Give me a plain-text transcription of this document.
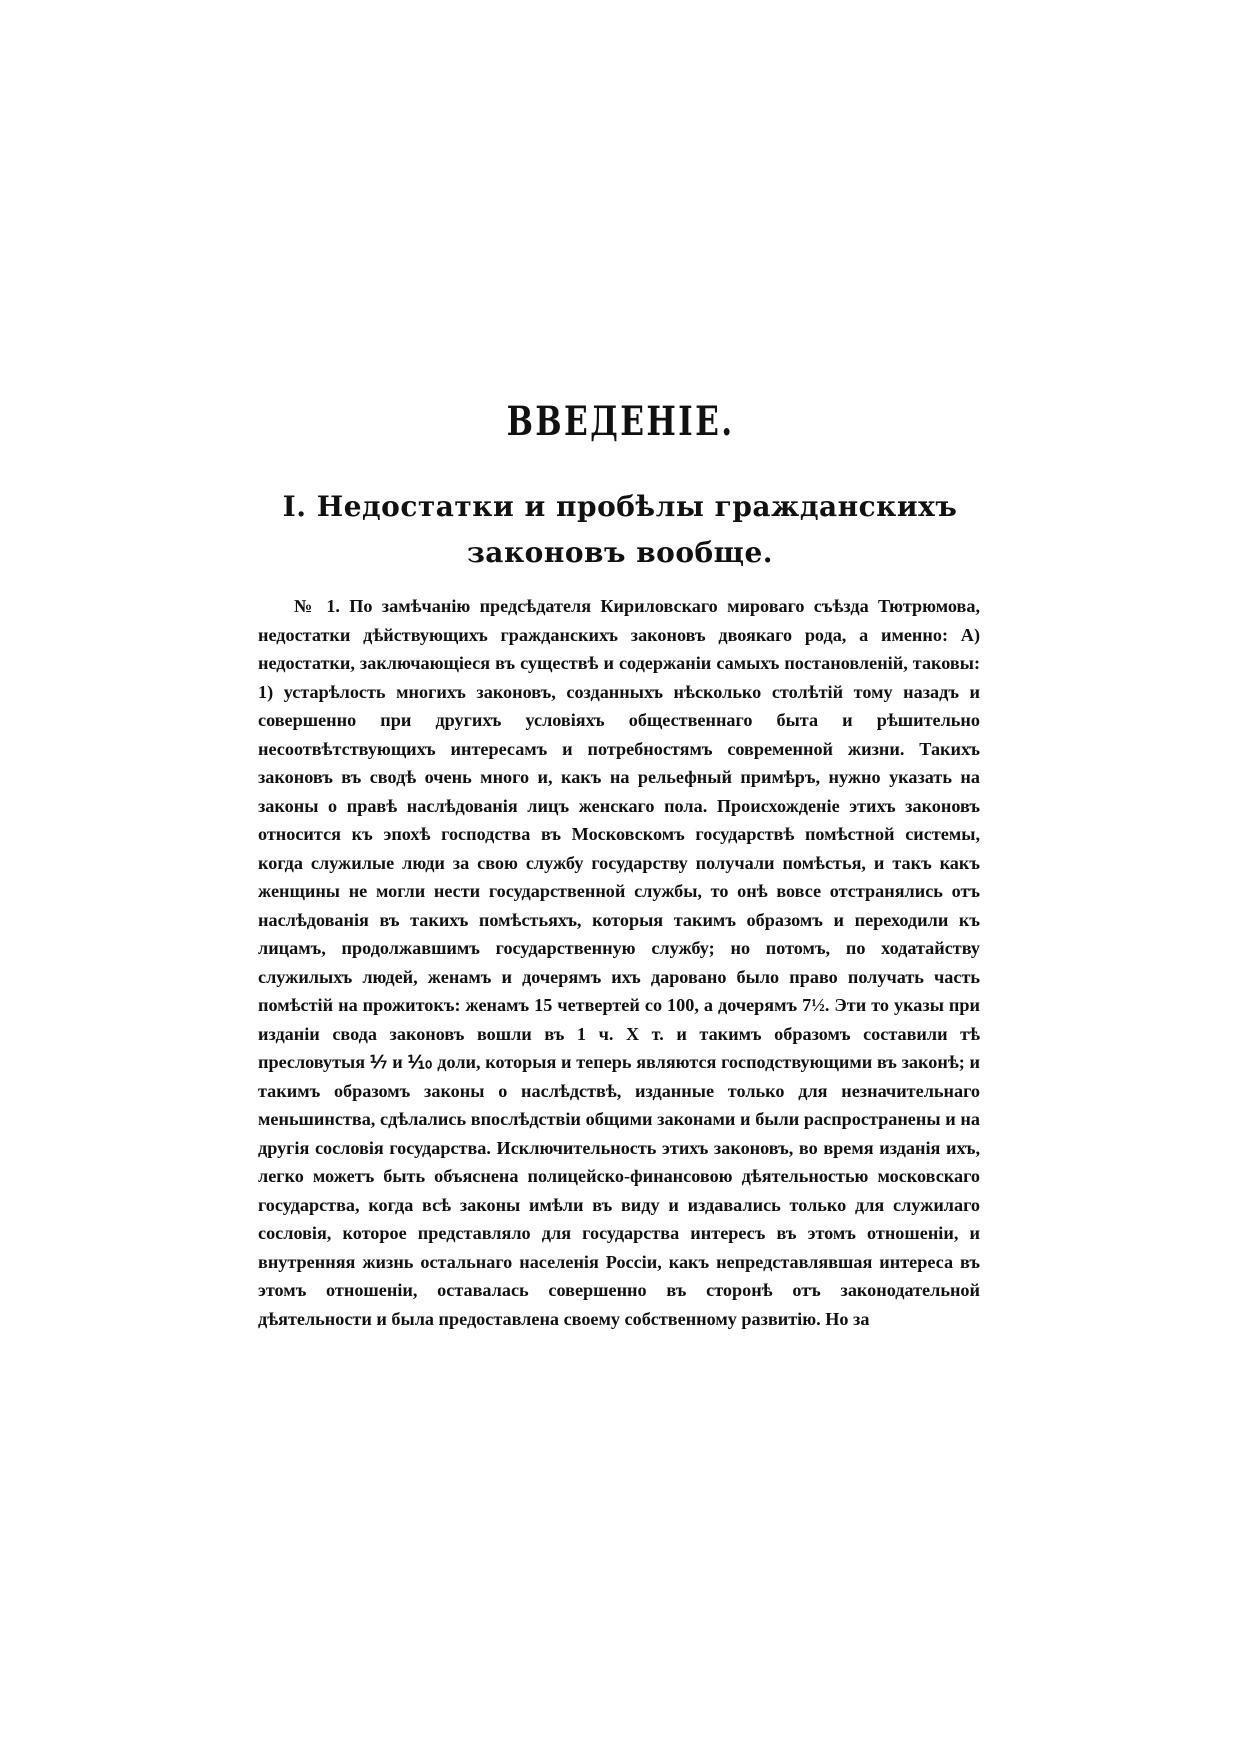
ВВЕДЕНІЕ.
I. Недостатки и пробѣлы гражданскихъ законовъ вообще.

№ 1. По замѣчанію предсѣдателя Кириловскаго мироваго съѣзда Тютрюмова, недостатки дѣйствующихъ гражданскихъ законовъ двоякаго рода, а именно: А) недостатки, заключающіеся въ существѣ и содержаніи самыхъ постановленій, таковы: 1) устарѣлость многихъ законовъ, созданныхъ нѣсколько столѣтій тому назадъ и совершенно при другихъ условіяхъ общественнаго быта и рѣшительно несоотвѣтствующихъ интересамъ и потребностямъ современной жизни. Такихъ законовъ въ сводѣ очень много и, какъ на рельефный примѣръ, нужно указать на законы о правѣ наслѣдованія лицъ женскаго пола. Происхожденіе этихъ законовъ относится къ эпохѣ господства въ Московскомъ государствѣ помѣстной системы, когда служилые люди за свою службу государству получали помѣстья, и такъ какъ женщины не могли нести государственной службы, то онѣ вовсе отстранялись отъ наслѣдованія въ такихъ помѣстьяхъ, которыя такимъ образомъ и переходили къ лицамъ, продолжавшимъ государственную службу; но потомъ, по ходатайству служилыхъ людей, женамъ и дочерямъ ихъ даровано было право получать часть помѣстій на прожитокъ: женамъ 15 четвертей со 100, а дочерямъ 7½. Эти то указы при изданіи свода законовъ вошли въ 1 ч. X т. и такимъ образомъ составили тѣ пресловутыя ⅐ и ⅒ доли, которыя и теперь являются господствующими въ законѣ; и такимъ образомъ законы о наслѣдствѣ, изданные только для незначительнаго меньшинства, сдѣлались впослѣдствіи общими законами и были распространены и на другія сословія государства. Исключительность этихъ законовъ, во время изданія ихъ, легко можетъ быть объяснена полицейско-финансовою дѣятельностью московскаго государства, когда всѣ законы имѣли въ виду и издавались только для служилаго сословія, которое представляло для государства интересъ въ этомъ отношеніи, и внутренняя жизнь остальнаго населенія Россіи, какъ непредставлявшая интереса въ этомъ отношеніи, оставалась совершенно въ сторонѣ отъ законодательной дѣятельности и была предоставлена своему собственному развитію. Но за
